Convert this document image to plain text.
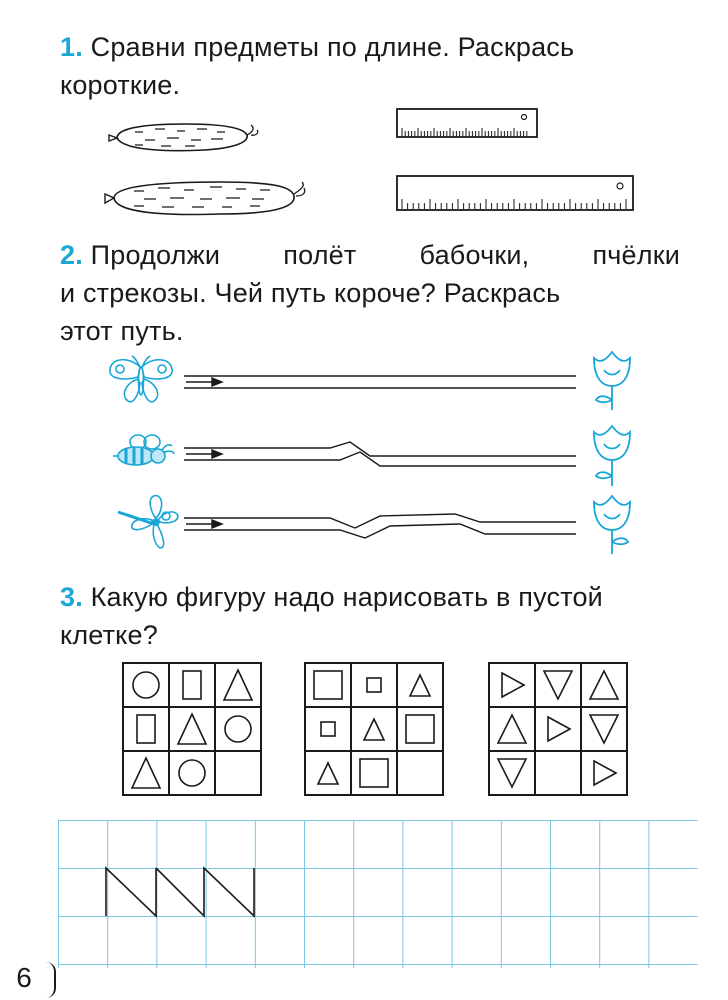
1. Сравни предметы по длине. Раскрась
короткие.
2. Продолжи полёт бабочки, пчёлки
и стрекозы. Чей путь короче? Раскрась
этот путь.
3. Какую фигуру надо нарисовать в пустой
клетке?

6
